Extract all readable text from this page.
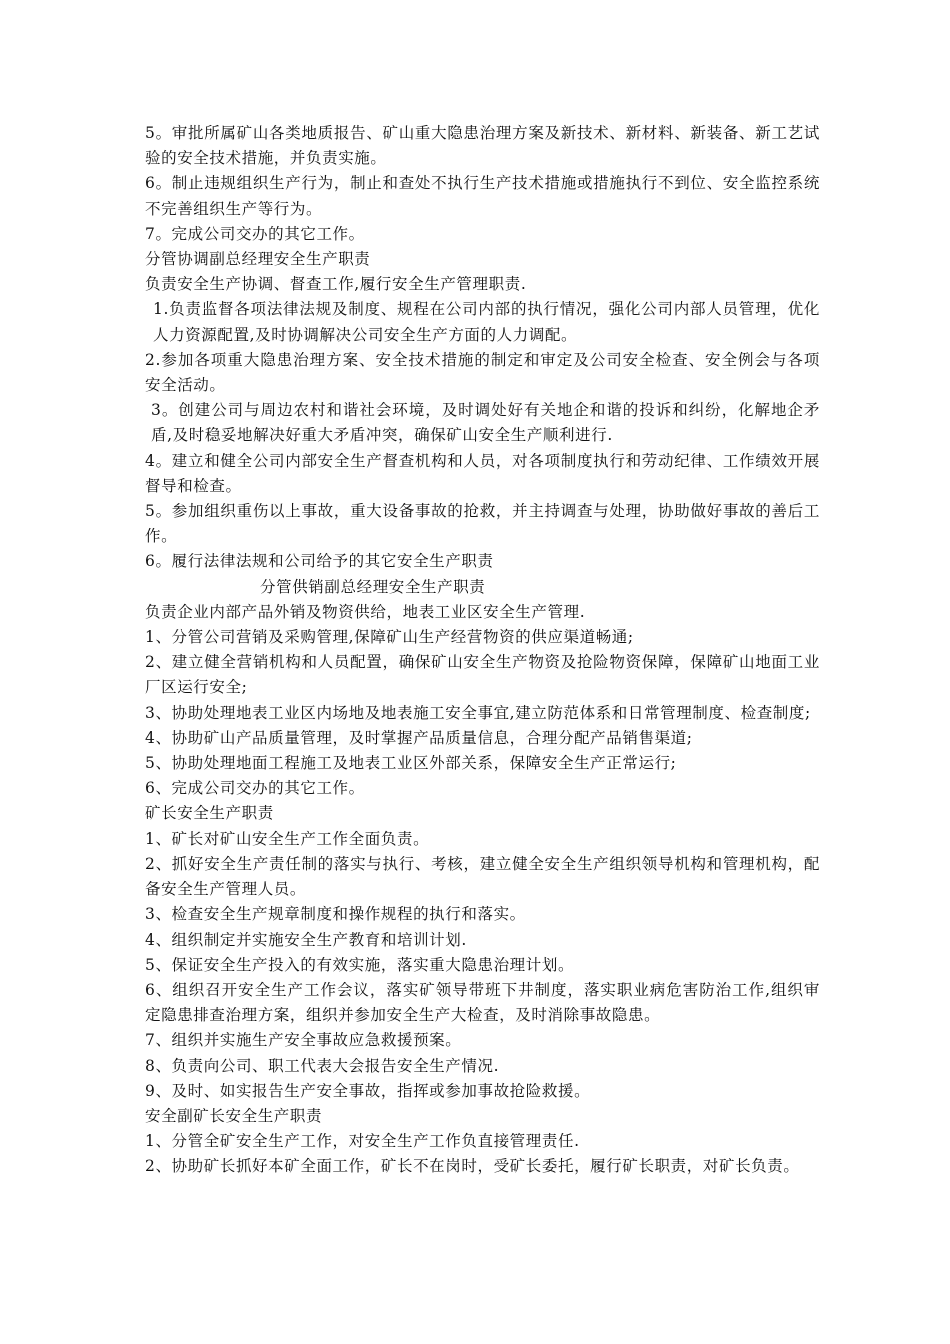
5。审批所属矿山各类地质报告、矿山重大隐患治理方案及新技术、新材料、新装备、新工艺试验的安全技术措施，并负责实施。

6。制止违规组织生产行为，制止和查处不执行生产技术措施或措施执行不到位、安全监控系统不完善组织生产等行为。

7。完成公司交办的其它工作。

分管协调副总经理安全生产职责

负责安全生产协调、督查工作,履行安全生产管理职责.

1.负责监督各项法律法规及制度、规程在公司内部的执行情况，强化公司内部人员管理，优化人力资源配置,及时协调解决公司安全生产方面的人力调配。

2.参加各项重大隐患治理方案、安全技术措施的制定和审定及公司安全检查、安全例会与各项安全活动。

3。创建公司与周边农村和谐社会环境，及时调处好有关地企和谐的投诉和纠纷，化解地企矛盾,及时稳妥地解决好重大矛盾冲突，确保矿山安全生产顺利进行.

4。建立和健全公司内部安全生产督查机构和人员，对各项制度执行和劳动纪律、工作绩效开展督导和检查。

5。参加组织重伤以上事故，重大设备事故的抢救，并主持调查与处理，协助做好事故的善后工作。

6。履行法律法规和公司给予的其它安全生产职责

分管供销副总经理安全生产职责

负责企业内部产品外销及物资供给，地表工业区安全生产管理.

1、分管公司营销及采购管理,保障矿山生产经营物资的供应渠道畅通;

2、建立健全营销机构和人员配置，确保矿山安全生产物资及抢险物资保障，保障矿山地面工业厂区运行安全;

3、协助处理地表工业区内场地及地表施工安全事宜,建立防范体系和日常管理制度、检查制度;

4、协助矿山产品质量管理，及时掌握产品质量信息，合理分配产品销售渠道;

5、协助处理地面工程施工及地表工业区外部关系，保障安全生产正常运行;

6、完成公司交办的其它工作。

矿长安全生产职责

1、矿长对矿山安全生产工作全面负责。

2、抓好安全生产责任制的落实与执行、考核，建立健全安全生产组织领导机构和管理机构，配备安全生产管理人员。

3、检查安全生产规章制度和操作规程的执行和落实。

4、组织制定并实施安全生产教育和培训计划.

5、保证安全生产投入的有效实施，落实重大隐患治理计划。

6、组织召开安全生产工作会议，落实矿领导带班下井制度，落实职业病危害防治工作,组织审定隐患排查治理方案，组织并参加安全生产大检查，及时消除事故隐患。

7、组织并实施生产安全事故应急救援预案。

8、负责向公司、职工代表大会报告安全生产情况.

9、及时、如实报告生产安全事故，指挥或参加事故抢险救援。

安全副矿长安全生产职责

1、分管全矿安全生产工作，对安全生产工作负直接管理责任.

2、协助矿长抓好本矿全面工作，矿长不在岗时，受矿长委托，履行矿长职责，对矿长负责。
